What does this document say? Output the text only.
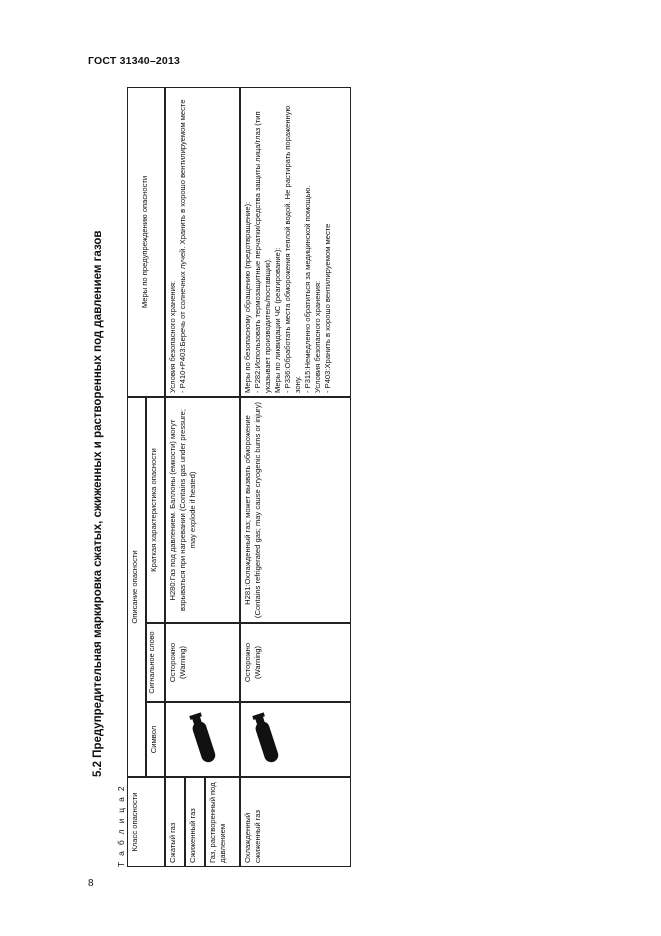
ГОСТ 31340–2013
8
5.2 Предупредительная маркировка сжатых, сжиженных и растворенных под давлением газов
Т а б л и ц а 2 Класс опасности
Описание опасности
Символ
Сигнальное слово
Краткая характеристика опасности
Меры по предупреждению опасности
Сжатый газ	Сжиженный газ	Газ, растворенный под давлением
Осторожно (Warning)
Н280:Газ под давлением. Баллоны (емкости) могут взрываться при нагревании (Contains gas under pressure; may explode if heated)
Условия безопасного хранения: - Р410+Р403:Беречь от солнечных лучей. Хранить в хорошо вентилируемом месте
Охлажденный сжиженный газ
Осторожно (Warning)
Н281:Охлажденный газ; может вызвать обморожение (Contains refrigerated gas; may cause cryogenic burns or injury)
Меры по безопасному обращению (предотвращение): - Р282:Использовать термозащитные перчатки/средства защиты лица/глаз (тип указывает производитель/поставщик). Меры по ликвидации ЧС (реагирование): - Р336:Обработать места обморожения теплой водой. Не растирать пораженную зону. - Р315:Немедленно обратиться за медицинской помощью. Условия безопасного хранения: - Р403:Хранить в хорошо вентилируемом месте
